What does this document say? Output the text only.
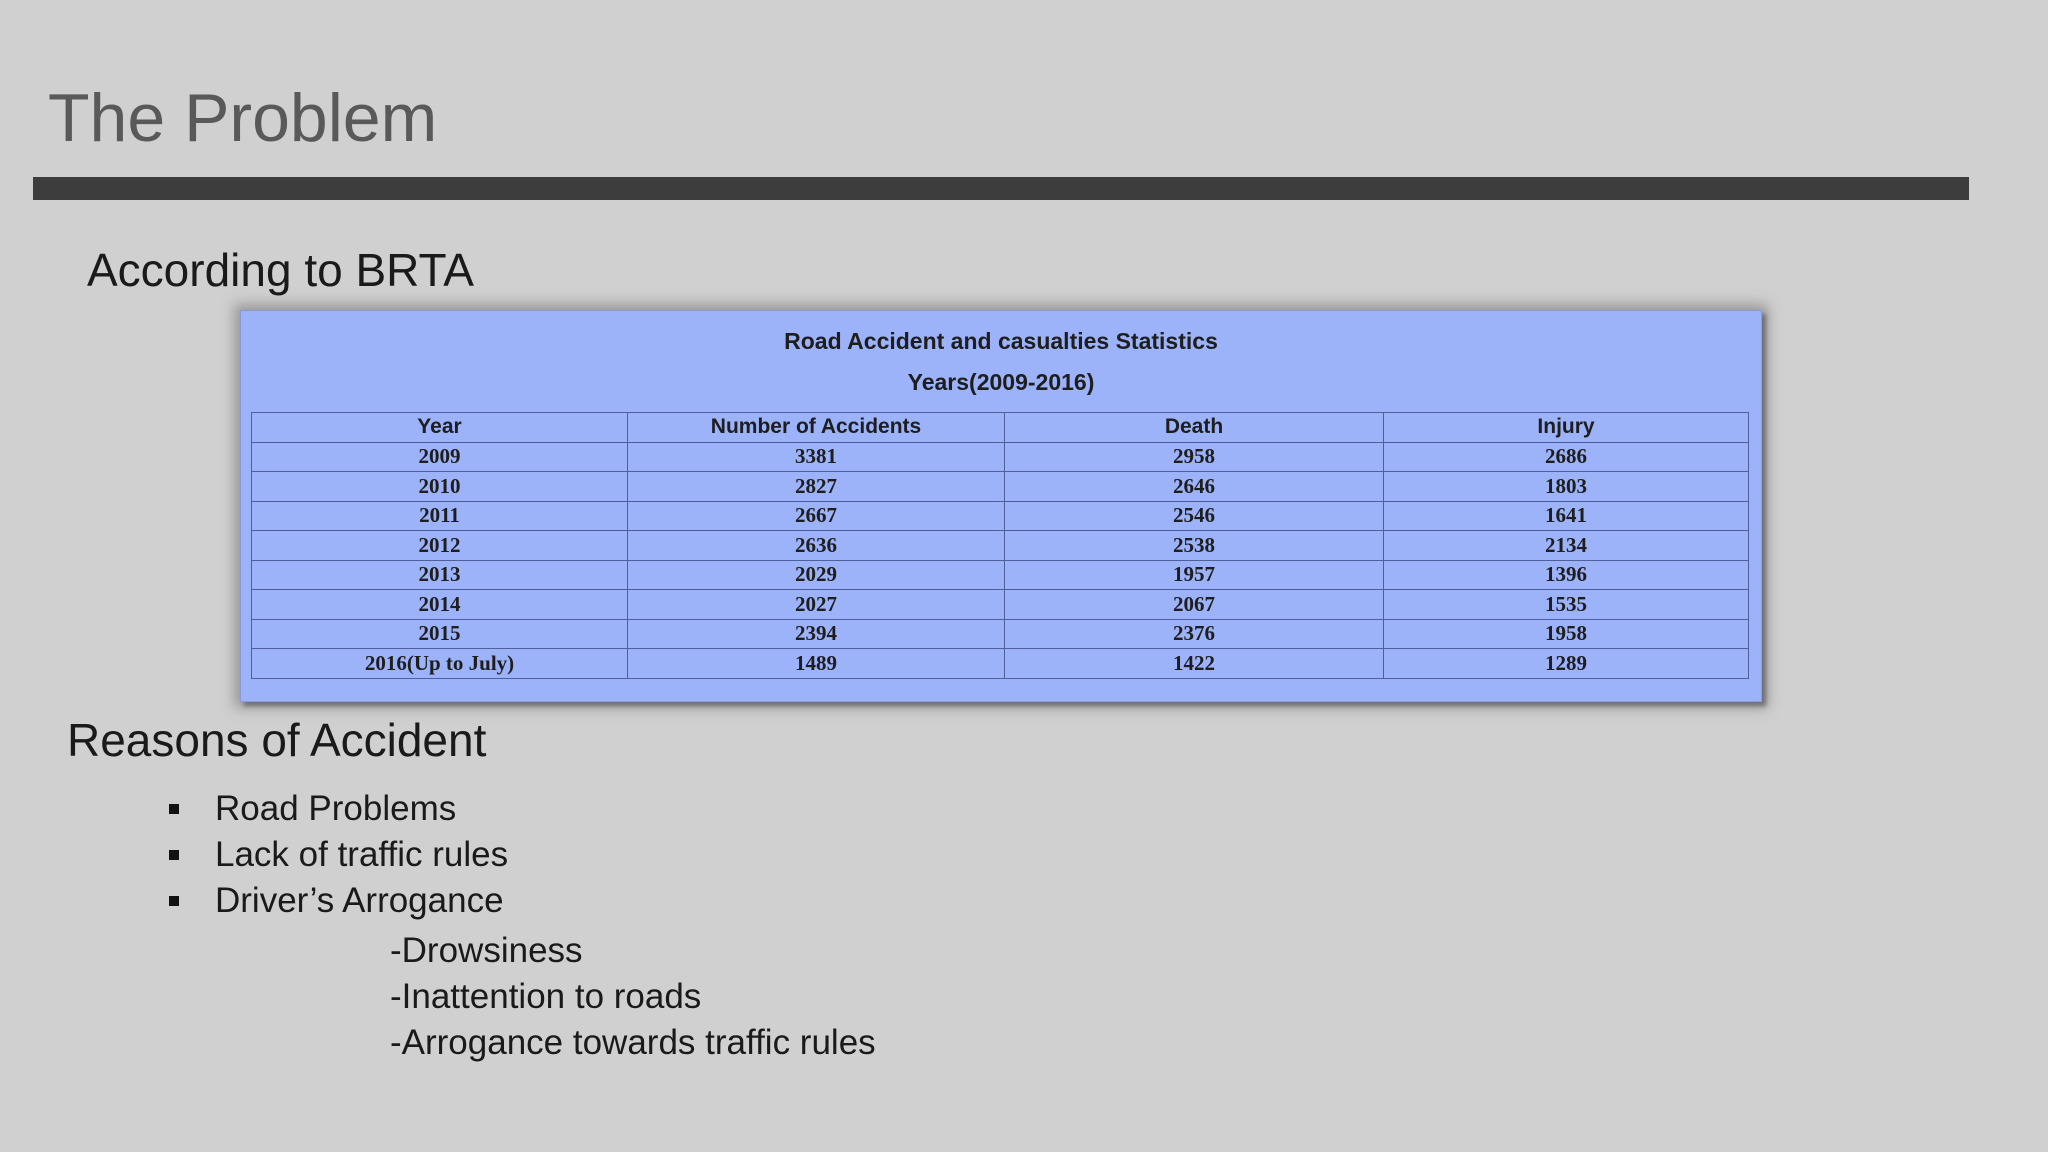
The Problem
According to BRTA
Road Accident and casualties Statistics
Years(2009-2016)
Year	Number of Accidents	Death	Injury
2009	3381	2958	2686
2010	2827	2646	1803
2011	2667	2546	1641
2012	2636	2538	2134
2013	2029	1957	1396
2014	2027	2067	1535
2015	2394	2376	1958
2016(Up to July)	1489	1422	1289
Reasons of Accident
Road Problems
Lack of traffic rules
Driver’s Arrogance
-Drowsiness
-Inattention to roads
-Arrogance towards traffic rules
